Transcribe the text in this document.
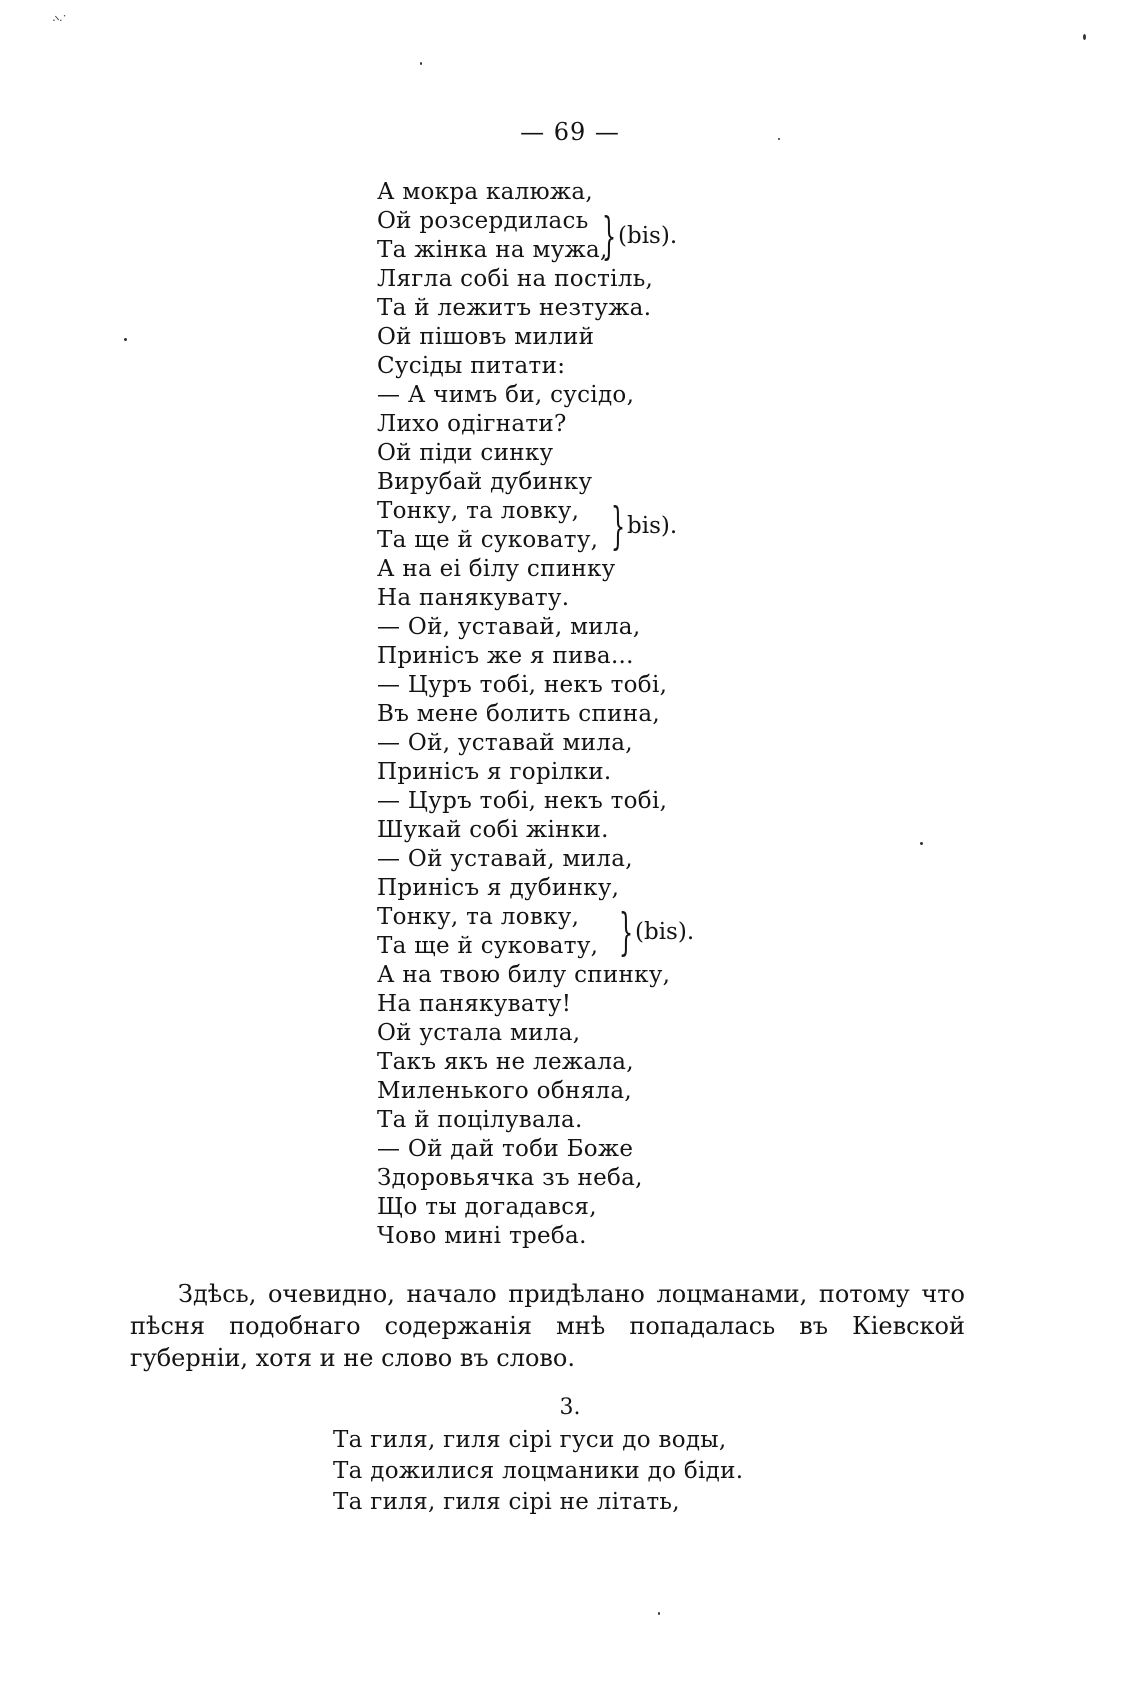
ᐧᐠᐧ ͘
— 69 —
А мокра калюжа,
Ой розсердилась
Та жінка на мужа,
Лягла собі на постіль,
Та й лежитъ незтужа.
Ой пішовъ милий
Сусіды питати:
— А чимъ би, сусідо,
Лихо одігнати?
Ой піди синку
Вирубай дубинку
Тонку, та ловку,
Та ще й суковату,
А на еі білу спинку
На панякувату.
— Ой, уставай, мила,
Принісъ же я пива...
— Цуръ тобі, некъ тобі,
Въ мене болить спина,
— Ой, уставай мила,
Принісъ я горілки.
— Цуръ тобі, некъ тобі,
Шукай собі жінки.
— Ой уставай, мила,
Принісъ я дубинку,
Тонку, та ловку,
Та ще й суковату,
А на твою билу спинку,
На панякувату!
Ой устала мила,
Такъ якъ не лежала,
Миленького обняла,
Та й поцілувала.
— Ой дай тоби Боже
Здоровьячка зъ неба,
Що ты догадався,
Чово мині треба.
} (bis).
} bis).
} (bis).

Здѣсь, очевидно, начало придѣлано лоцманами, потому что пѣсня подобнаго содержанія мнѣ попадалась въ Кіевской губерніи, хотя и не слово въ слово.

3.
Та гиля, гиля сірі гуси до воды,
Та дожилися лоцманики до біди.
Та гиля, гиля сірі не літать,
